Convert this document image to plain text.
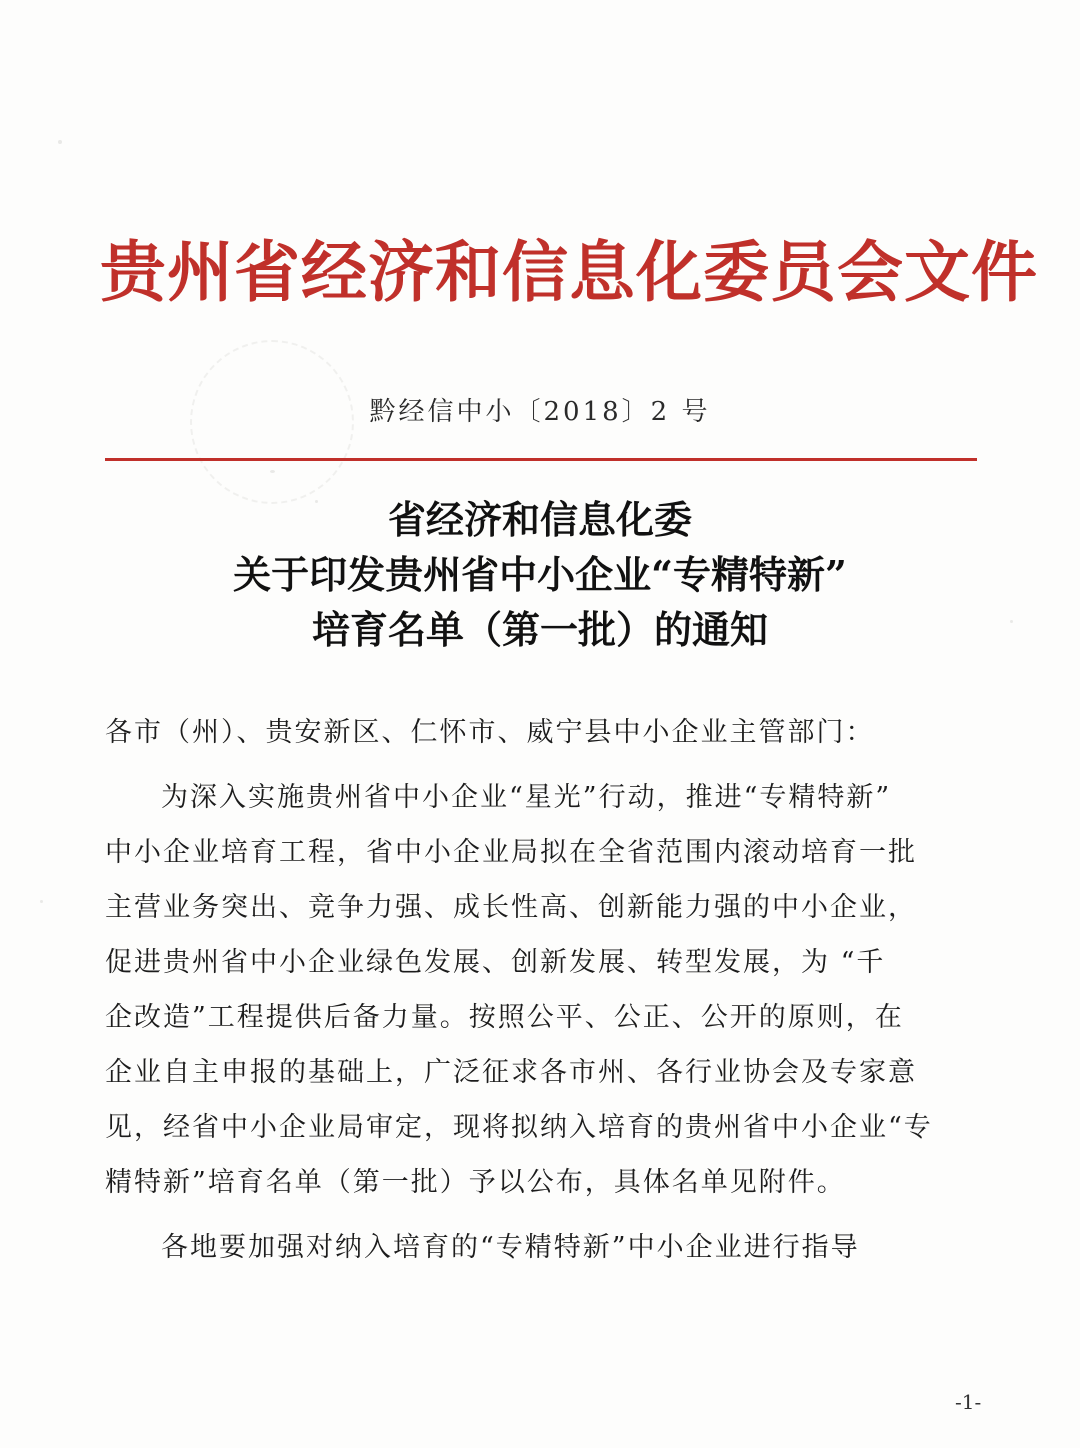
贵州省经济和信息化委员会文件
黔经信中小〔2018〕2 号
省经济和信息化委
关于印发贵州省中小企业“专精特新”
培育名单（第一批）的通知
各市（州）、贵安新区、仁怀市、威宁县中小企业主管部门：
为深入实施贵州省中小企业“星光”行动，推进“专精特新”
中小企业培育工程，省中小企业局拟在全省范围内滚动培育一批
主营业务突出、竞争力强、成长性高、创新能力强的中小企业，
促进贵州省中小企业绿色发展、创新发展、转型发展，为 “千
企改造”工程提供后备力量。按照公平、公正、公开的原则，在
企业自主申报的基础上，广泛征求各市州、各行业协会及专家意
见，经省中小企业局审定，现将拟纳入培育的贵州省中小企业“专
精特新”培育名单（第一批）予以公布，具体名单见附件。
各地要加强对纳入培育的“专精特新”中小企业进行指导
-1-
